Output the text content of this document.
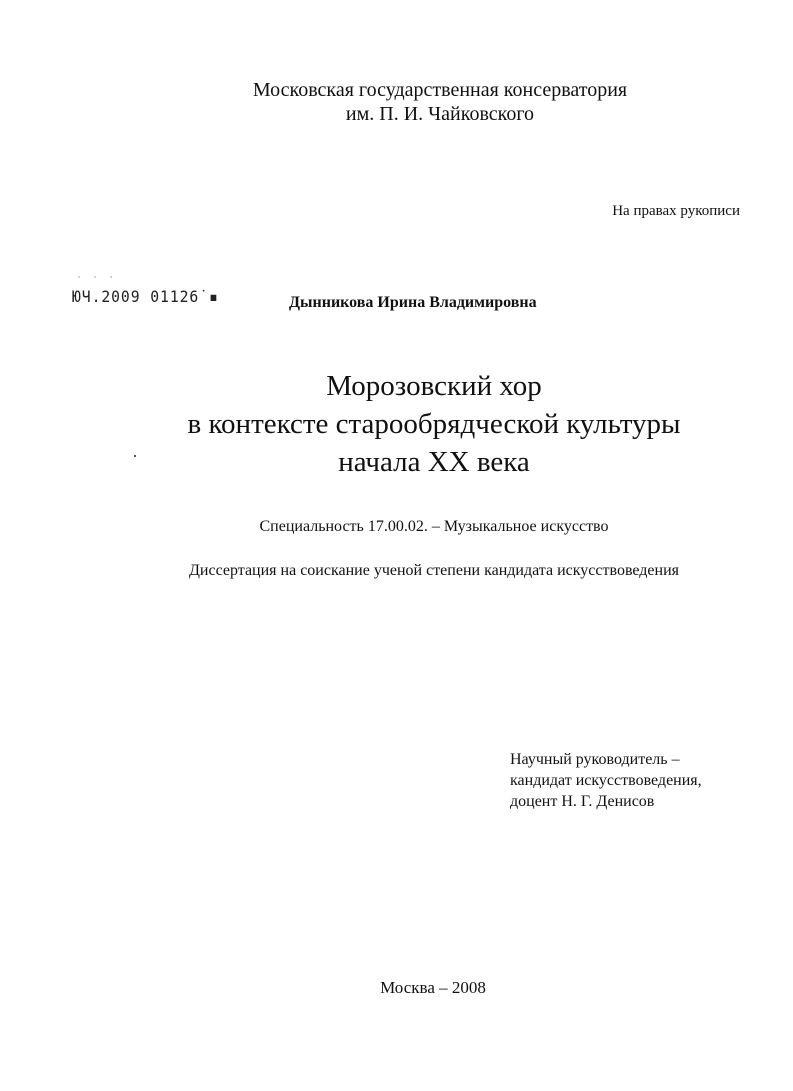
Московская государственная консерватория
им. П. И. Чайковского
На правах рукописи
˙ ˙ ˙
ЮЧ.2009 01126˙▪	Дынникова Ирина Владимировна
Морозовский хор
в контексте старообрядческой культуры
начала XX века
Специальность 17.00.02. – Музыкальное искусство
Диссертация на соискание ученой степени кандидата искусствоведения
Научный руководитель –
кандидат искусствоведения,
доцент Н. Г. Денисов
Москва – 2008
